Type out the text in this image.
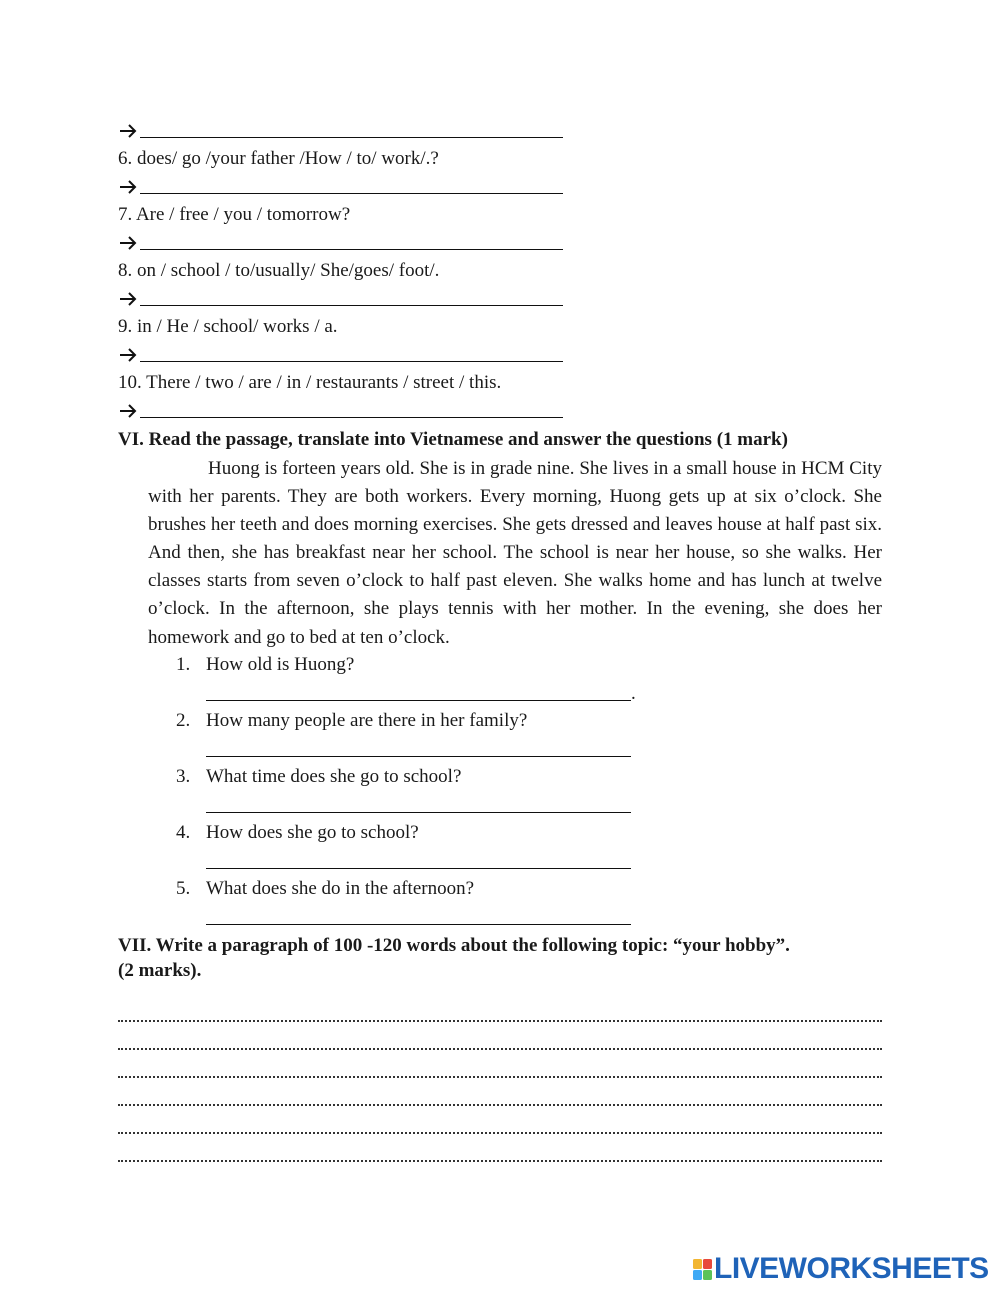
6. does/ go /your father /How / to/ work/.?
7. Are / free / you / tomorrow?
8. on / school / to/usually/ She/goes/ foot/.
9. in / He / school/ works / a.
10. There / two / are / in / restaurants / street / this.
VI. Read the passage, translate into Vietnamese and answer the questions (1 mark)

Huong is forteen years old. She is in grade nine. She lives in a small house in HCM City with her parents. They are both workers. Every morning, Huong gets up at six o’clock. She brushes her teeth and does morning exercises. She gets dressed and leaves house at half past six. And then, she has breakfast near her school. The school is near her house, so she walks. Her classes starts from seven o’clock to half past eleven. She walks home and has lunch at twelve o’clock. In the afternoon, she plays tennis with her mother. In the evening, she does her homework and go to bed at ten o’clock.

1. How old is Huong?
.
2. How many people are there in her family?
3. What time does she go to school?
4. How does she go to school?
5. What does she do in the afternoon?
VII. Write a paragraph of 100 -120 words about the following topic: “your hobby”.
(2 marks).
LIVEWORKSHEETS
